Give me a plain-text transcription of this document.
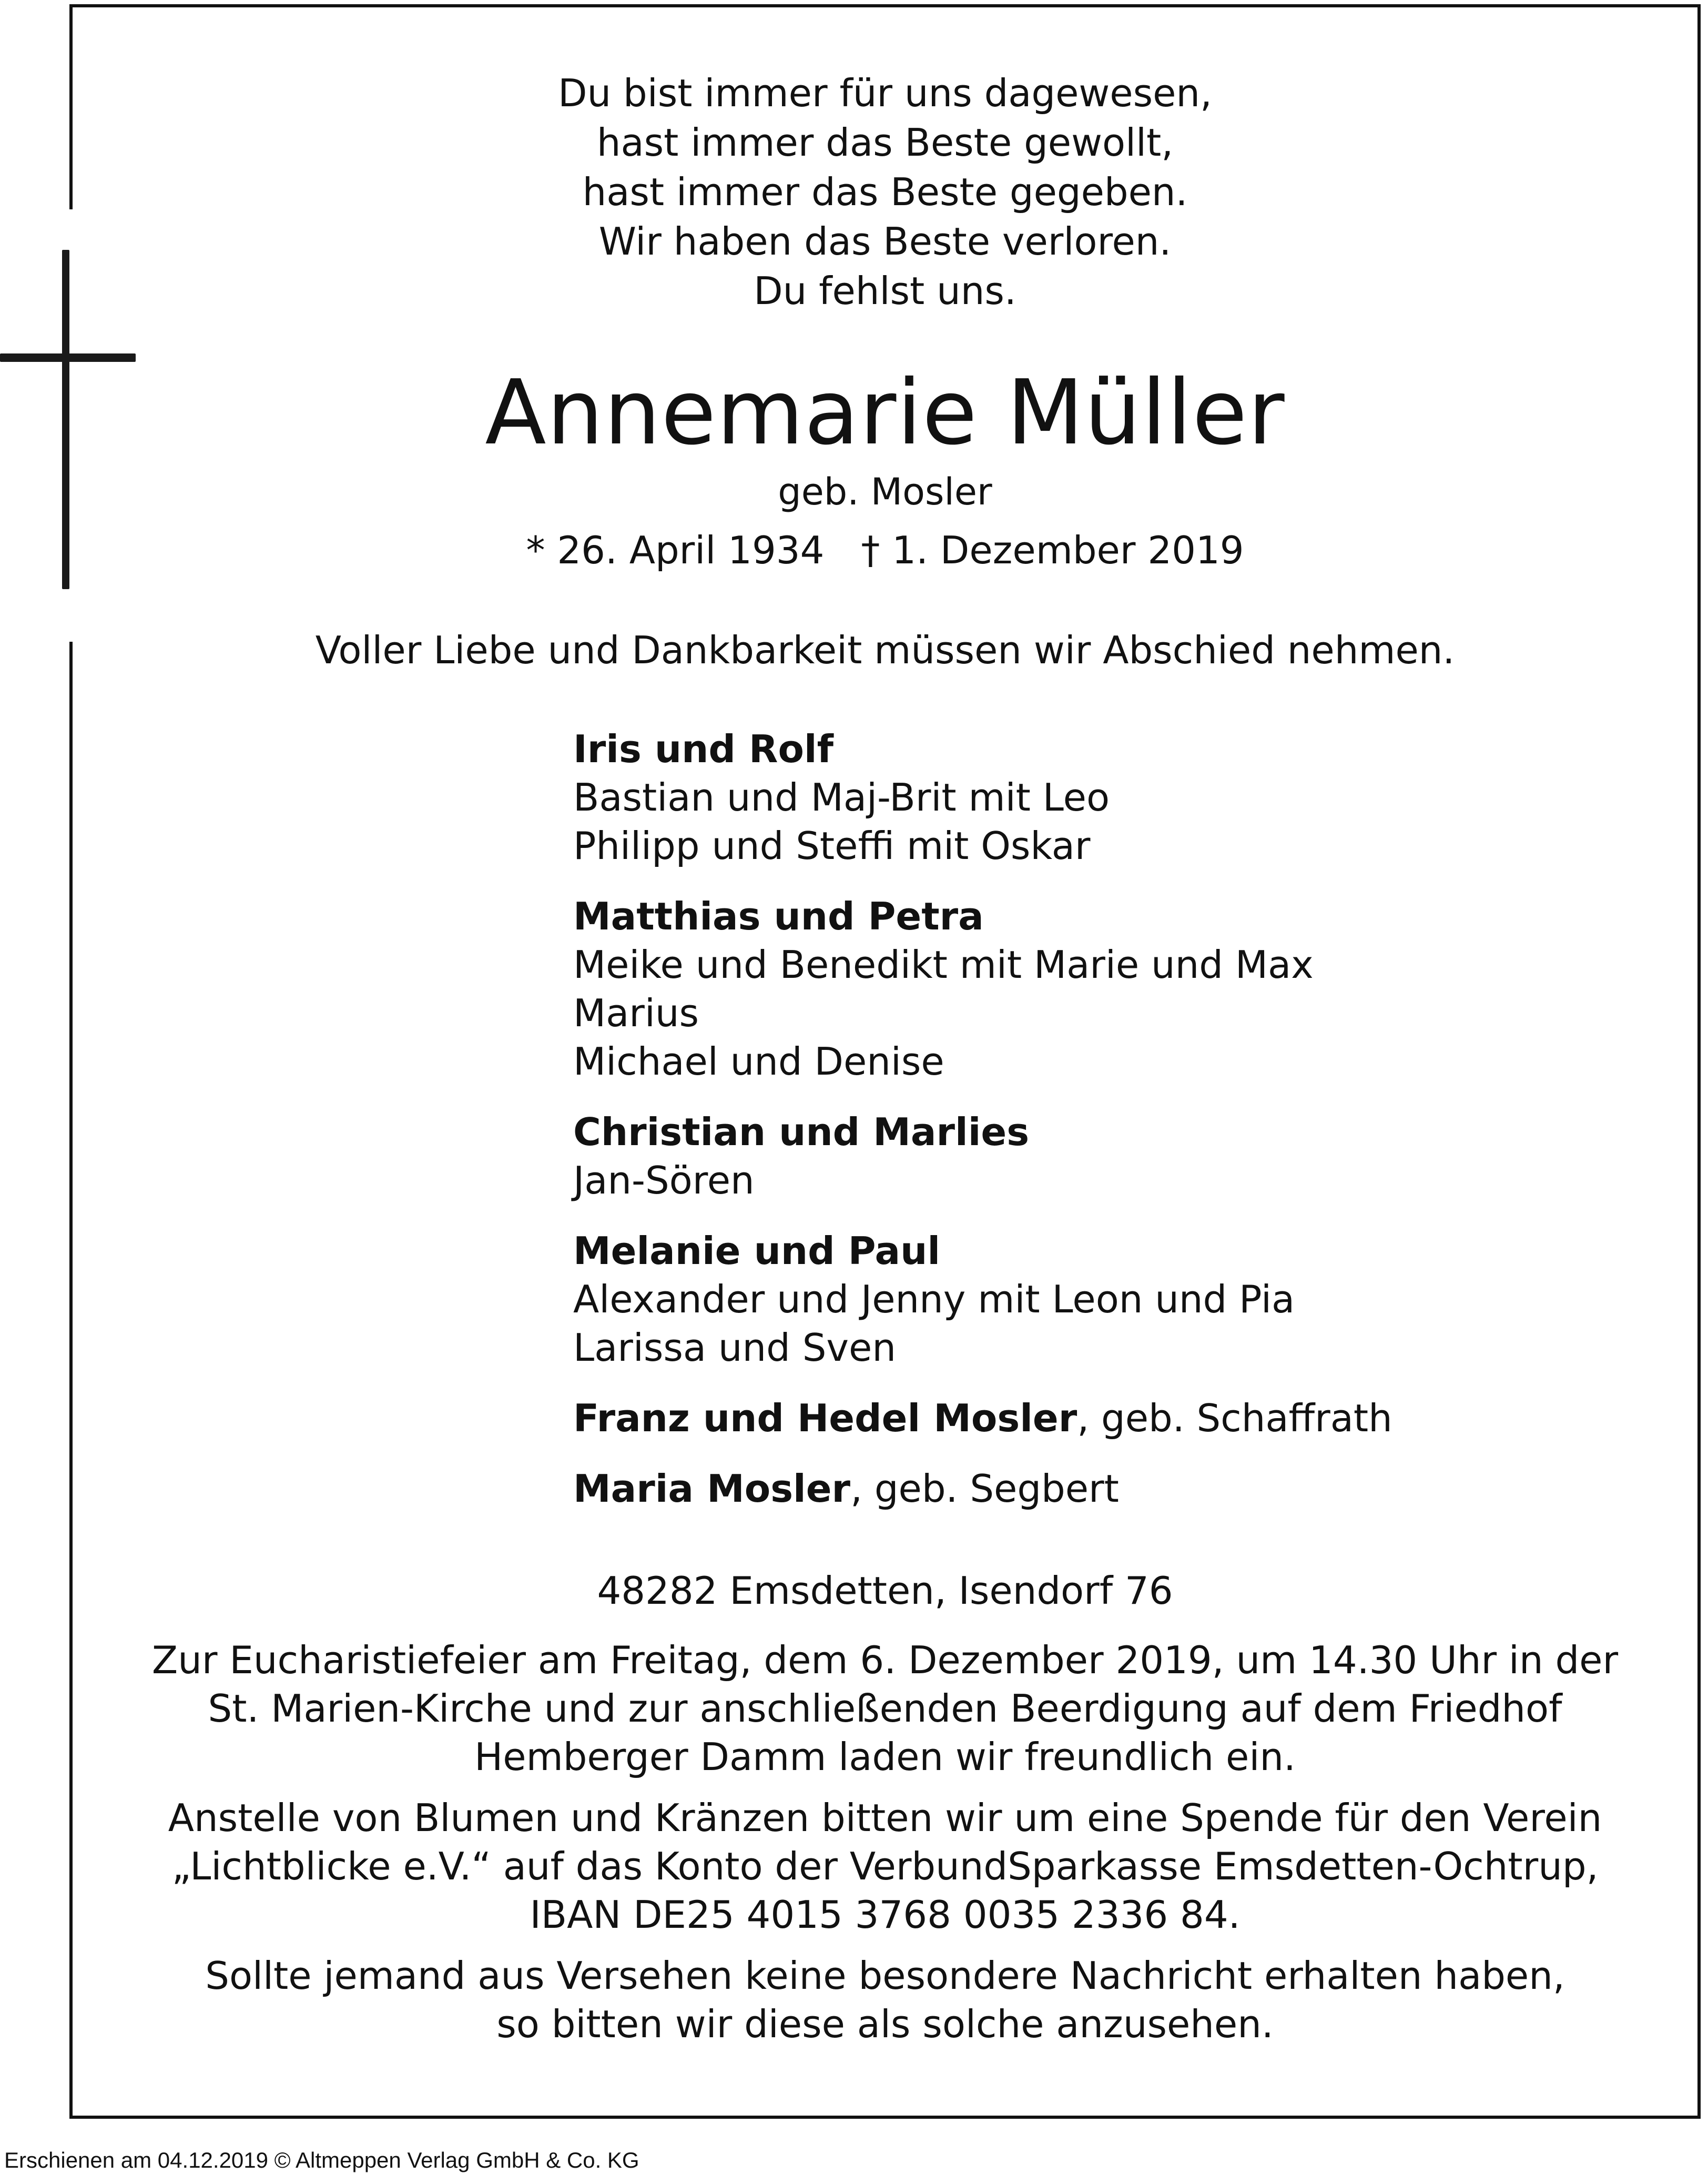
Du bist immer für uns dagewesen,
hast immer das Beste gewollt,
hast immer das Beste gegeben.
Wir haben das Beste verloren.
Du fehlst uns.
Annemarie Müller
geb. Mosler
* 26. April 1934 † 1. Dezember 2019
Voller Liebe und Dankbarkeit müssen wir Abschied nehmen.
Iris und Rolf
Bastian und Maj-Brit mit Leo
Philipp und Steffi mit Oskar
Matthias und Petra
Meike und Benedikt mit Marie und Max
Marius
Michael und Denise
Christian und Marlies
Jan-Sören
Melanie und Paul
Alexander und Jenny mit Leon und Pia
Larissa und Sven
Franz und Hedel Mosler, geb. Schaffrath
Maria Mosler, geb. Segbert
48282 Emsdetten, Isendorf 76
Zur Eucharistiefeier am Freitag, dem 6. Dezember 2019, um 14.30 Uhr in der
St. Marien-Kirche und zur anschließenden Beerdigung auf dem Friedhof
Hemberger Damm laden wir freundlich ein.
Anstelle von Blumen und Kränzen bitten wir um eine Spende für den Verein
„Lichtblicke e.V.“ auf das Konto der VerbundSparkasse Emsdetten-Ochtrup,
IBAN DE25 4015 3768 0035 2336 84.
Sollte jemand aus Versehen keine besondere Nachricht erhalten haben,
so bitten wir diese als solche anzusehen.
Erschienen am 04.12.2019 © Altmeppen Verlag GmbH & Co. KG
